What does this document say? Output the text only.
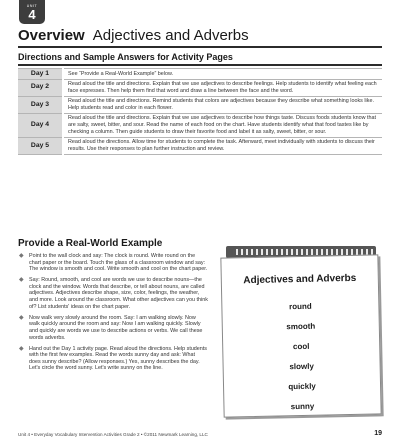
UNIT
4
Overview Adjectives and Adverbs
Directions and Sample Answers for Activity Pages
Day 1	See “Provide a Real-World Example” below.
Day 2	Read aloud the title and directions. Explain that we use adjectives to describe feelings. Help students to identify what feeling each face expresses. Then help them find that word and draw a line between the face and the word.
Day 3	Read aloud the title and directions. Remind students that colors are adjectives because they describe what something looks like. Help students read and color in each flower.
Day 4	Read aloud the title and directions. Explain that we use adjectives to describe how things taste. Discuss foods students know that are salty, sweet, bitter, and sour. Read the name of each food on the chart. Have students identify what that food tastes like by checking a column. Then guide students to draw their favorite food and label it as salty, sweet, bitter, or sour.
Day 5	Read aloud the directions. Allow time for students to complete the task. Afterward, meet individually with students to discuss their results. Use their responses to plan further instruction and review.
Provide a Real-World Example
◆ Point to the wall clock and say: The clock is round. Write round on the chart paper or the board. Touch the glass of a classroom window and say: The window is smooth and cool. Write smooth and cool on the chart paper.
◆ Say: Round, smooth, and cool are words we use to describe nouns—the clock and the window. Words that describe, or tell about nouns, are called adjectives. Adjectives describe shape, size, color, feelings, the weather, and more. Look around the classroom. What other adjectives can you think of? List students' ideas on the chart paper.
◆ Now walk very slowly around the room. Say: I am walking slowly. Now walk quickly around the room and say: Now I am walking quickly. Slowly and quickly are words we use to describe actions or verbs. We call these words adverbs.
◆ Hand out the Day 1 activity page. Read aloud the directions. Help students with the first few examples. Read the words sunny day and ask: What does sunny describe? (Allow responses.) Yes, sunny describes the day. Let's circle the word sunny. Let's write sunny on the line.
Adjectives and Adverbs
round
smooth
cool
slowly
quickly
sunny
Unit 4 • Everyday Vocabulary Intervention Activities Grade 2 • ©2011 Newmark Learning, LLC	19
